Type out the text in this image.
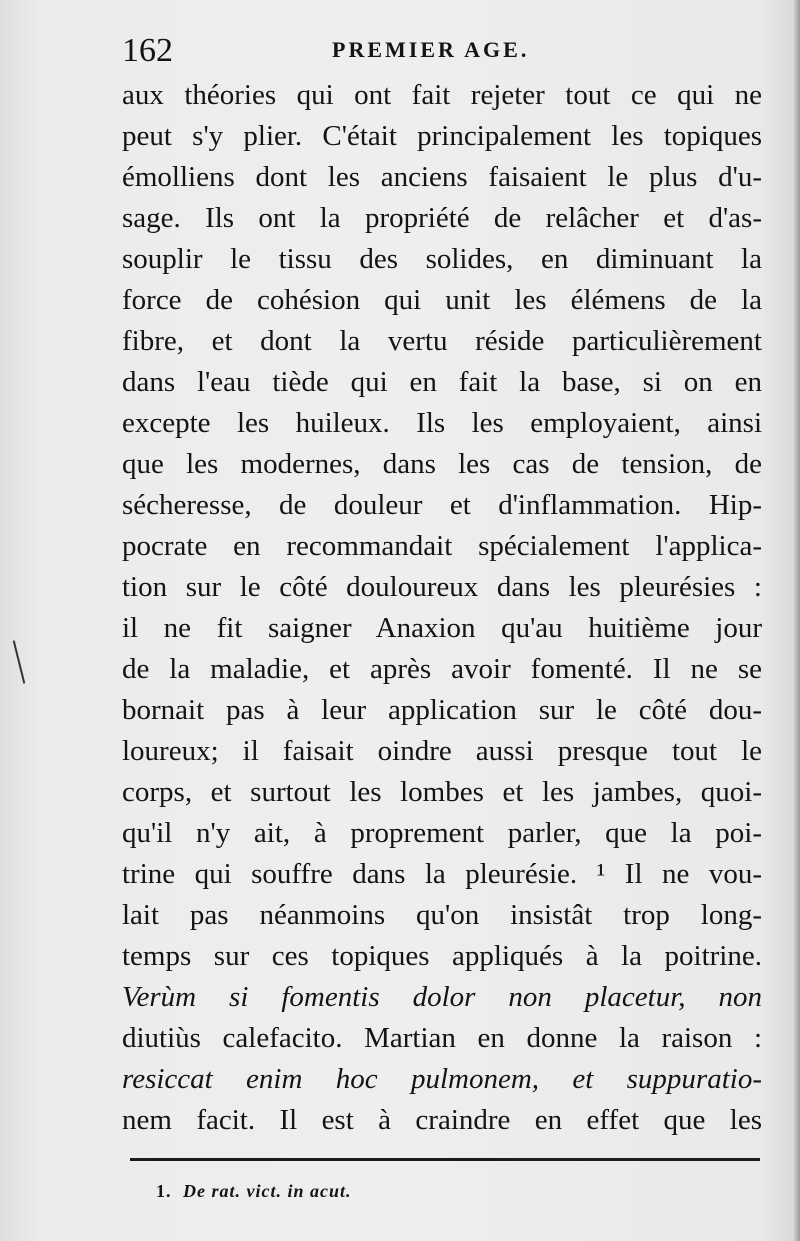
162	PREMIER AGE.
aux théories qui ont fait rejeter tout ce qui ne
peut s'y plier. C'était principalement les topiques
émolliens dont les anciens faisaient le plus d'u-
sage. Ils ont la propriété de relâcher et d'as-
souplir le tissu des solides, en diminuant la
force de cohésion qui unit les élémens de la
fibre, et dont la vertu réside particulièrement
dans l'eau tiède qui en fait la base, si on en
excepte les huileux. Ils les employaient, ainsi
que les modernes, dans les cas de tension, de
sécheresse, de douleur et d'inflammation. Hip-
pocrate en recommandait spécialement l'applica-
tion sur le côté douloureux dans les pleurésies :
il ne fit saigner Anaxion qu'au huitième jour
de la maladie, et après avoir fomenté. Il ne se
bornait pas à leur application sur le côté dou-
loureux; il faisait oindre aussi presque tout le
corps, et surtout les lombes et les jambes, quoi-
qu'il n'y ait, à proprement parler, que la poi-
trine qui souffre dans la pleurésie. ¹ Il ne vou-
lait pas néanmoins qu'on insistât trop long-
temps sur ces topiques appliqués à la poitrine.
Verùm si fomentis dolor non placetur, non
diutiùs calefacito. Martian en donne la raison :
resiccat enim hoc pulmonem, et suppuratio-
nem facit. Il est à craindre en effet que les
1. De rat. vict. in acut.
